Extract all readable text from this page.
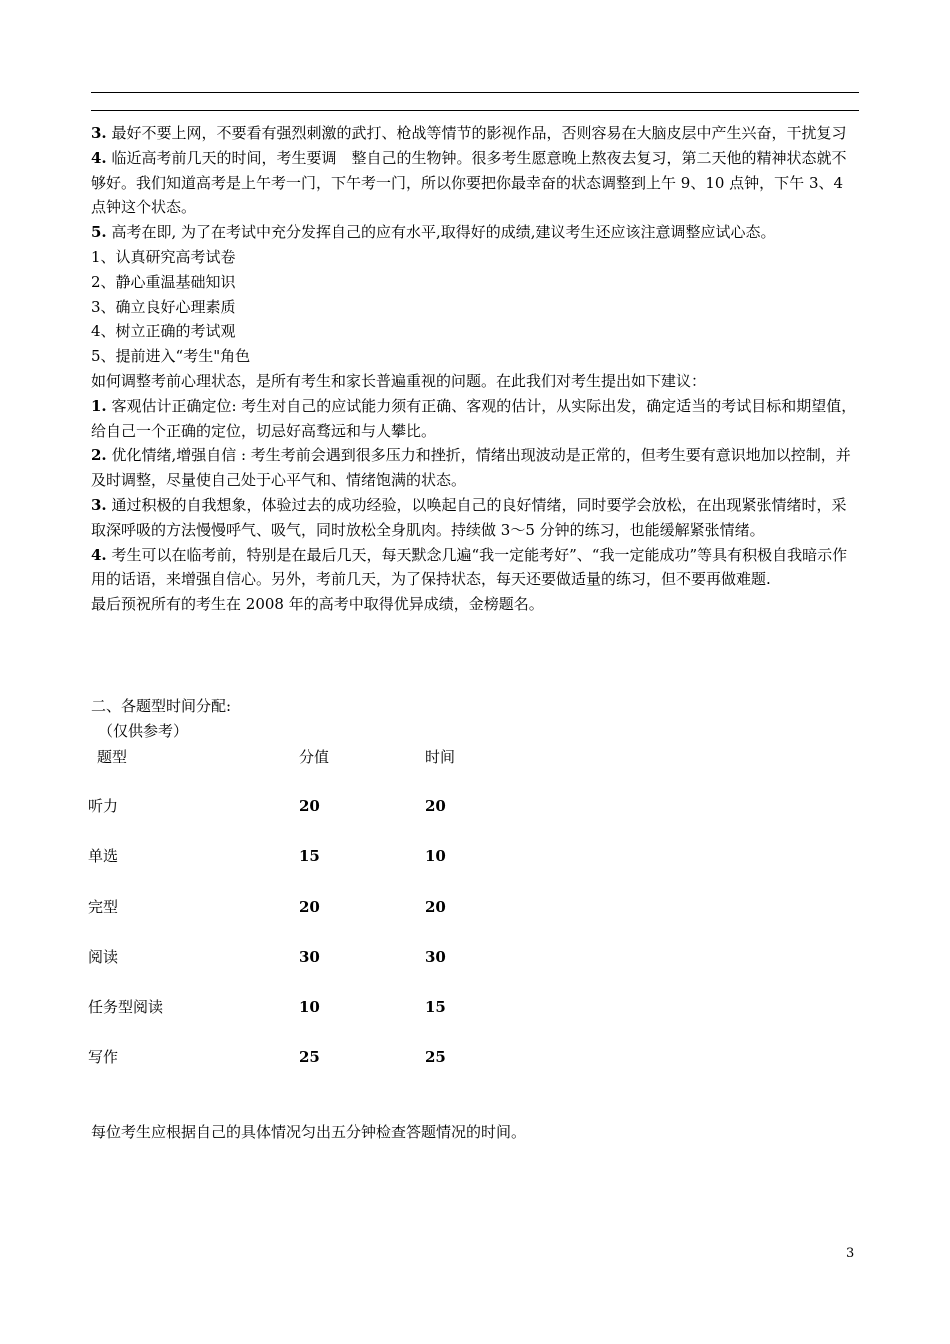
3. 最好不要上网，不要看有强烈刺激的武打、枪战等情节的影视作品，否则容易在大脑皮层中产生兴奋，干扰复习

4. 临近高考前几天的时间，考生要调　整自己的生物钟。很多考生愿意晚上熬夜去复习，第二天他的精神状态就不够好。我们知道高考是上午考一门，下午考一门，所以你要把你最幸奋的状态调整到上午 9、10 点钟，下午 3、4 点钟这个状态。

5. 高考在即, 为了在考试中充分发挥自己的应有水平,取得好的成绩,建议考生还应该注意调整应试心态。

1、认真研究高考试卷

2、静心重温基础知识

3、确立良好心理素质

4、树立正确的考试观

5、提前进入“考生"角色

如何调整考前心理状态，是所有考生和家长普遍重视的问题。在此我们对考生提出如下建议：

1. 客观估计正确定位: 考生对自己的应试能力须有正确、客观的估计，从实际出发，确定适当的考试目标和期望值，给自己一个正确的定位，切忌好高骛远和与人攀比。

2. 优化情绪,增强自信 : 考生考前会遇到很多压力和挫折，情绪出现波动是正常的，但考生要有意识地加以控制，并及时调整，尽量使自己处于心平气和、情绪饱满的状态。

3. 通过积极的自我想象，体验过去的成功经验，以唤起自己的良好情绪，同时要学会放松，在出现紧张情绪时，采取深呼吸的方法慢慢呼气、吸气，同时放松全身肌肉。持续做 3～5 分钟的练习，也能缓解紧张情绪。

4. 考生可以在临考前，特别是在最后几天，每天默念几遍“我一定能考好”、“我一定能成功”等具有积极自我暗示作用的话语，来增强自信心。另外，考前几天，为了保持状态，每天还要做适量的练习，但不要再做难题.

最后预祝所有的考生在 2008 年的高考中取得优异成绩，金榜题名。

二、各题型时间分配:
（仅供参考）
题型	分值	时间
听力	20	20
单选	15	10
完型	20	20
阅读	30	30
任务型阅读	10	15
写作	25	25
每位考生应根据自己的具体情况匀出五分钟检查答题情况的时间。
3
